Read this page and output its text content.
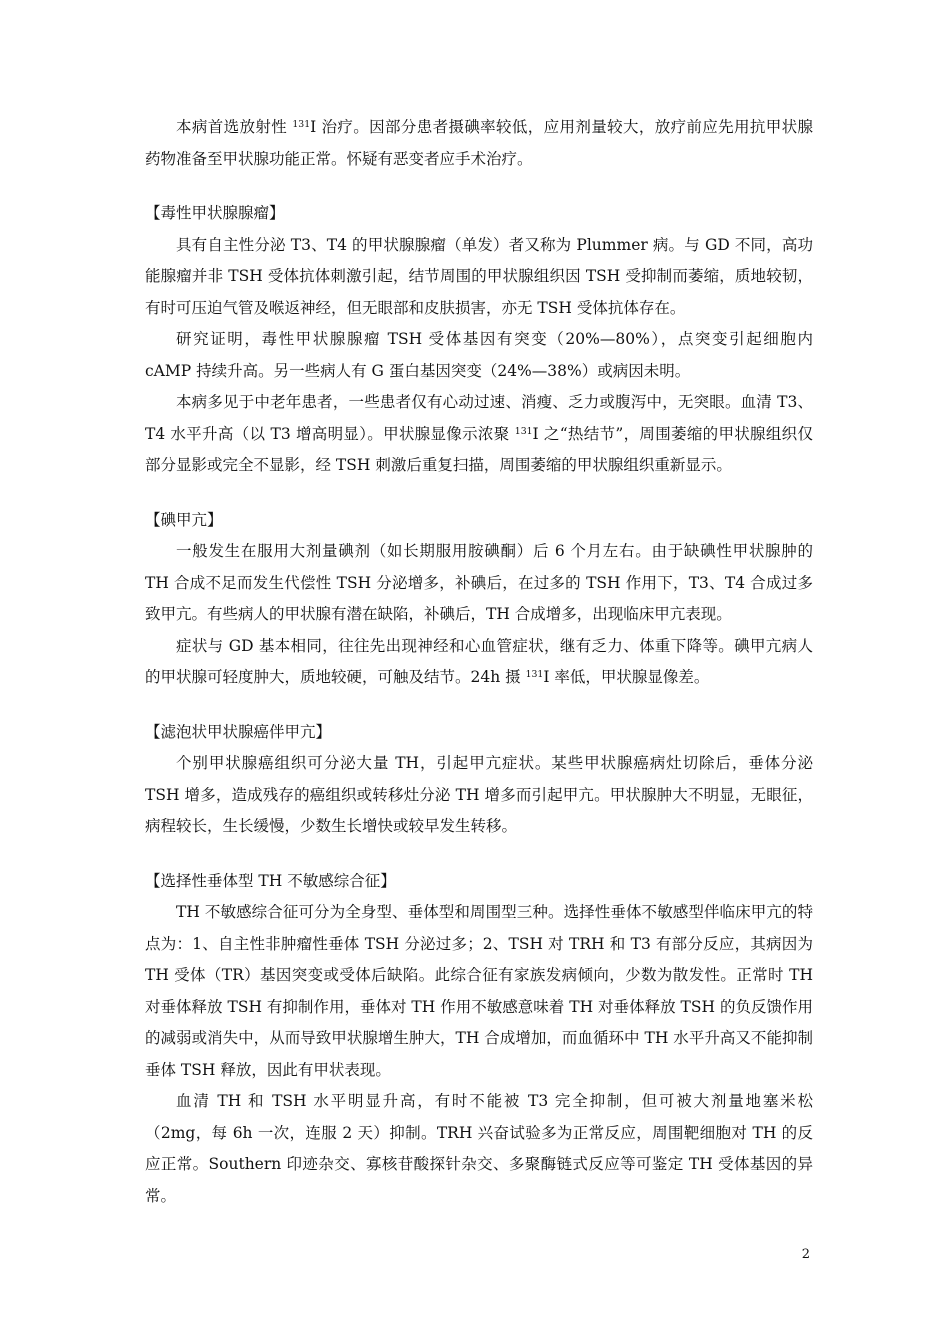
本病首选放射性 $^{131}$I 治疗。因部分患者摄碘率较低，应用剂量较大，放疗前应先用抗甲状腺药物准备至甲状腺功能正常。怀疑有恶变者应手术治疗。

【毒性甲状腺腺瘤】

具有自主性分泌 T3、T4 的甲状腺腺瘤（单发）者又称为 Plummer 病。与 GD 不同，高功能腺瘤并非 TSH 受体抗体刺激引起，结节周围的甲状腺组织因 TSH 受抑制而萎缩，质地较韧，有时可压迫气管及喉返神经，但无眼部和皮肤损害，亦无 TSH 受体抗体存在。

研究证明，毒性甲状腺腺瘤 TSH 受体基因有突变（20%—80%），点突变引起细胞内 cAMP 持续升高。另一些病人有 G 蛋白基因突变（24%—38%）或病因未明。

本病多见于中老年患者，一些患者仅有心动过速、消瘦、乏力或腹泻中，无突眼。血清 T3、T4 水平升高（以 T3 增高明显）。甲状腺显像示浓聚 $^{131}$I 之“热结节”，周围萎缩的甲状腺组织仅部分显影或完全不显影，经 TSH 刺激后重复扫描，周围萎缩的甲状腺组织重新显示。

【碘甲亢】

一般发生在服用大剂量碘剂（如长期服用胺碘酮）后 6 个月左右。由于缺碘性甲状腺肿的 TH 合成不足而发生代偿性 TSH 分泌增多，补碘后，在过多的 TSH 作用下，T3、T4 合成过多致甲亢。有些病人的甲状腺有潜在缺陷，补碘后，TH 合成增多，出现临床甲亢表现。

症状与 GD 基本相同，往往先出现神经和心血管症状，继有乏力、体重下降等。碘甲亢病人的甲状腺可轻度肿大，质地较硬，可触及结节。24h 摄 $^{131}$I 率低，甲状腺显像差。

【滤泡状甲状腺癌伴甲亢】

个别甲状腺癌组织可分泌大量 TH，引起甲亢症状。某些甲状腺癌病灶切除后，垂体分泌 TSH 增多，造成残存的癌组织或转移灶分泌 TH 增多而引起甲亢。甲状腺肿大不明显，无眼征，病程较长，生长缓慢，少数生长增快或较早发生转移。

【选择性垂体型 TH 不敏感综合征】

TH 不敏感综合征可分为全身型、垂体型和周围型三种。选择性垂体不敏感型伴临床甲亢的特点为：1、自主性非肿瘤性垂体 TSH 分泌过多；2、TSH 对 TRH 和 T3 有部分反应，其病因为 TH 受体（TR）基因突变或受体后缺陷。此综合征有家族发病倾向，少数为散发性。正常时 TH 对垂体释放 TSH 有抑制作用，垂体对 TH 作用不敏感意味着 TH 对垂体释放 TSH 的负反馈作用的减弱或消失中，从而导致甲状腺增生肿大，TH 合成增加，而血循环中 TH 水平升高又不能抑制垂体 TSH 释放，因此有甲状表现。

血清 TH 和 TSH 水平明显升高，有时不能被 T3 完全抑制，但可被大剂量地塞米松（2mg，每 6h 一次，连服 2 天）抑制。TRH 兴奋试验多为正常反应，周围靶细胞对 TH 的反应正常。Southern 印迹杂交、寡核苷酸探针杂交、多聚酶链式反应等可鉴定 TH 受体基因的异常。

2
